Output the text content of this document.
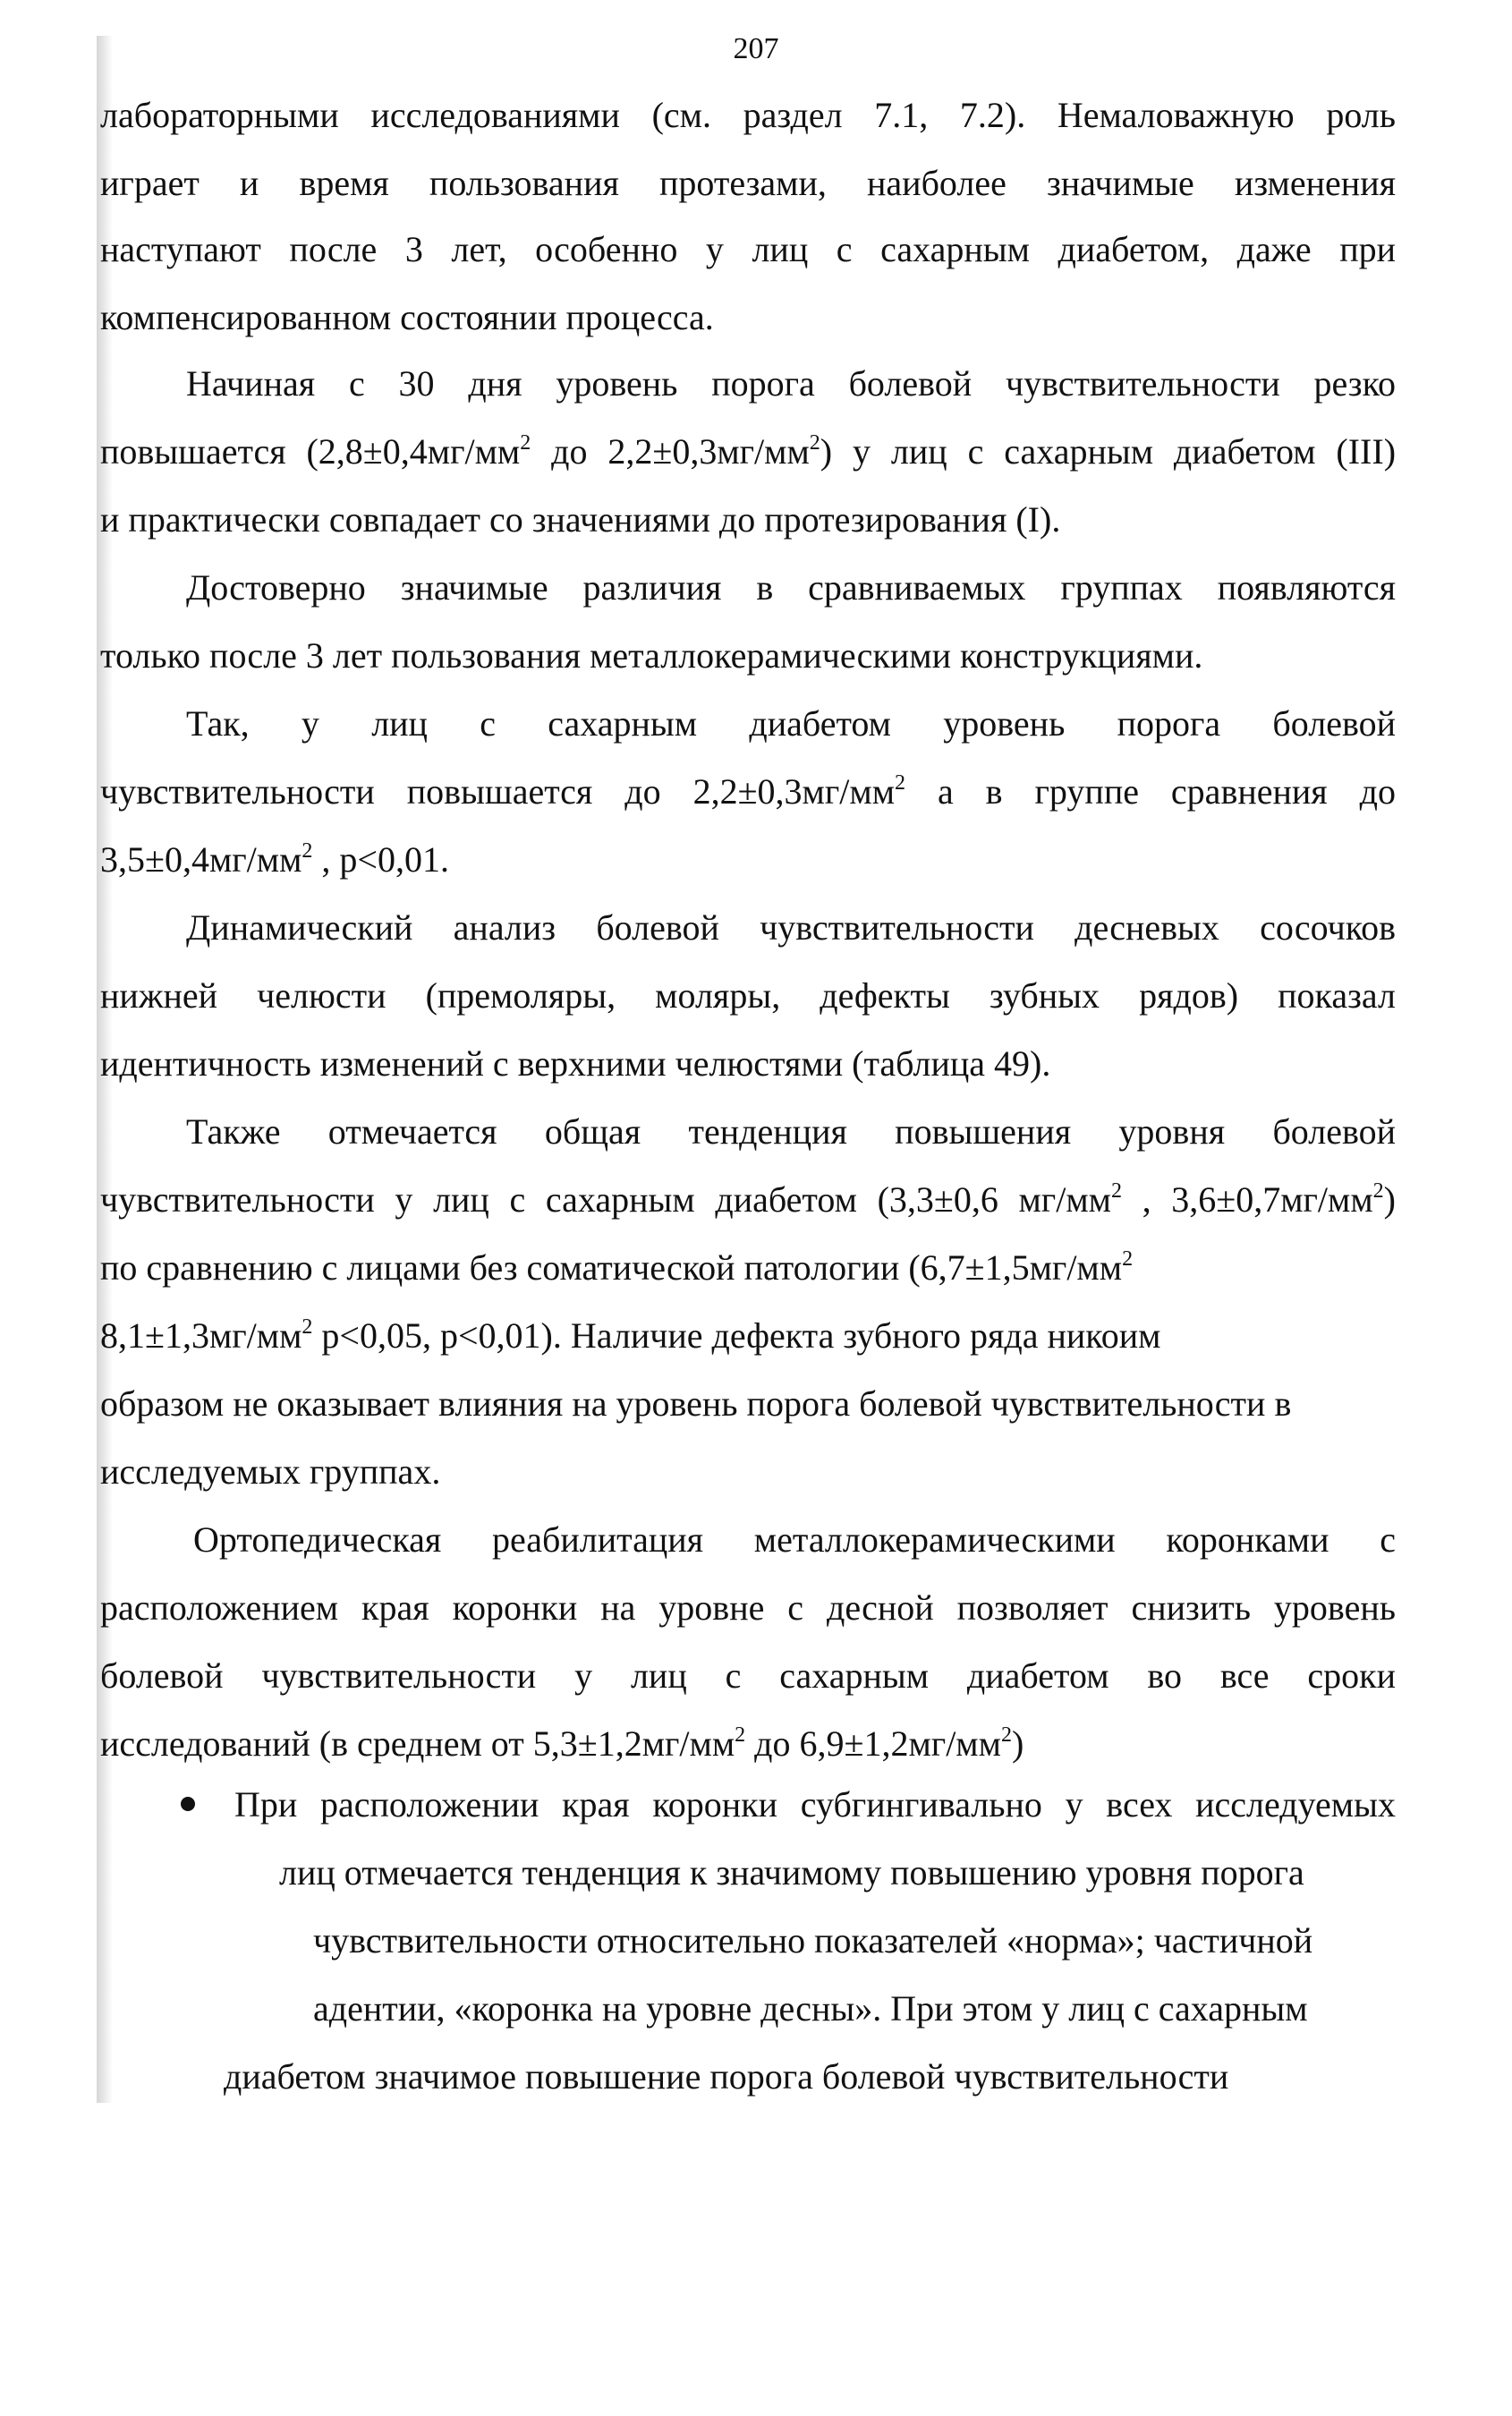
207
лабораторными исследованиями (см. раздел 7.1, 7.2). Немаловажную роль
играет и время пользования протезами, наиболее значимые изменения
наступают после 3 лет, особенно у лиц с сахарным диабетом, даже при
компенсированном состоянии процесса.
Начиная с 30 дня уровень порога болевой чувствительности резко
повышается ($2,8\pm 0,4мг/мм^2$ до $2,2\pm 0,3мг/мм^2$) у лиц с сахарным диабетом (III)
и практически совпадает со значениями до протезирования (I).
Достоверно значимые различия в сравниваемых группах появляются
только после 3 лет пользования металлокерамическими конструкциями.
Так, у лиц с сахарным диабетом уровень порога болевой
чувствительности повышается до $2,2\pm 0,3мг/мм^2$ а в группе сравнения до
$3,5\pm 0,4мг/мм^2$ , р<0,01.
Динамический анализ болевой чувствительности десневых сосочков
нижней челюсти (премоляры, моляры, дефекты зубных рядов) показал
идентичность изменений с верхними челюстями (таблица 49).
Также отмечается общая тенденция повышения уровня болевой
чувствительности у лиц с сахарным диабетом (3,3±0,6 $мг/мм^2$ , $3,6\pm 0,7мг/мм^2$)
по сравнению с лицами без соматической патологии ($6,7\pm 1,5мг/мм^2$
$8,1\pm 1,3мг/мм^2$ р<0,05, р<0,01). Наличие дефекта зубного ряда никоим
образом не оказывает влияния на уровень порога болевой чувствительности в
исследуемых группах.
Ортопедическая реабилитация металлокерамическими коронками с
расположением края коронки на уровне с десной позволяет снизить уровень
болевой чувствительности у лиц с сахарным диабетом во все сроки
исследований (в среднем от $5,3\pm 1,2мг/мм^2$ до $6,9\pm 1,2мг/мм^2$)
При расположении края коронки субгингивально у всех исследуемых
лиц отмечается тенденция к значимому повышению уровня порога
чувствительности относительно показателей «норма»; частичной
адентии, «коронка на уровне десны». При этом у лиц с сахарным
диабетом значимое повышение порога болевой чувствительности
